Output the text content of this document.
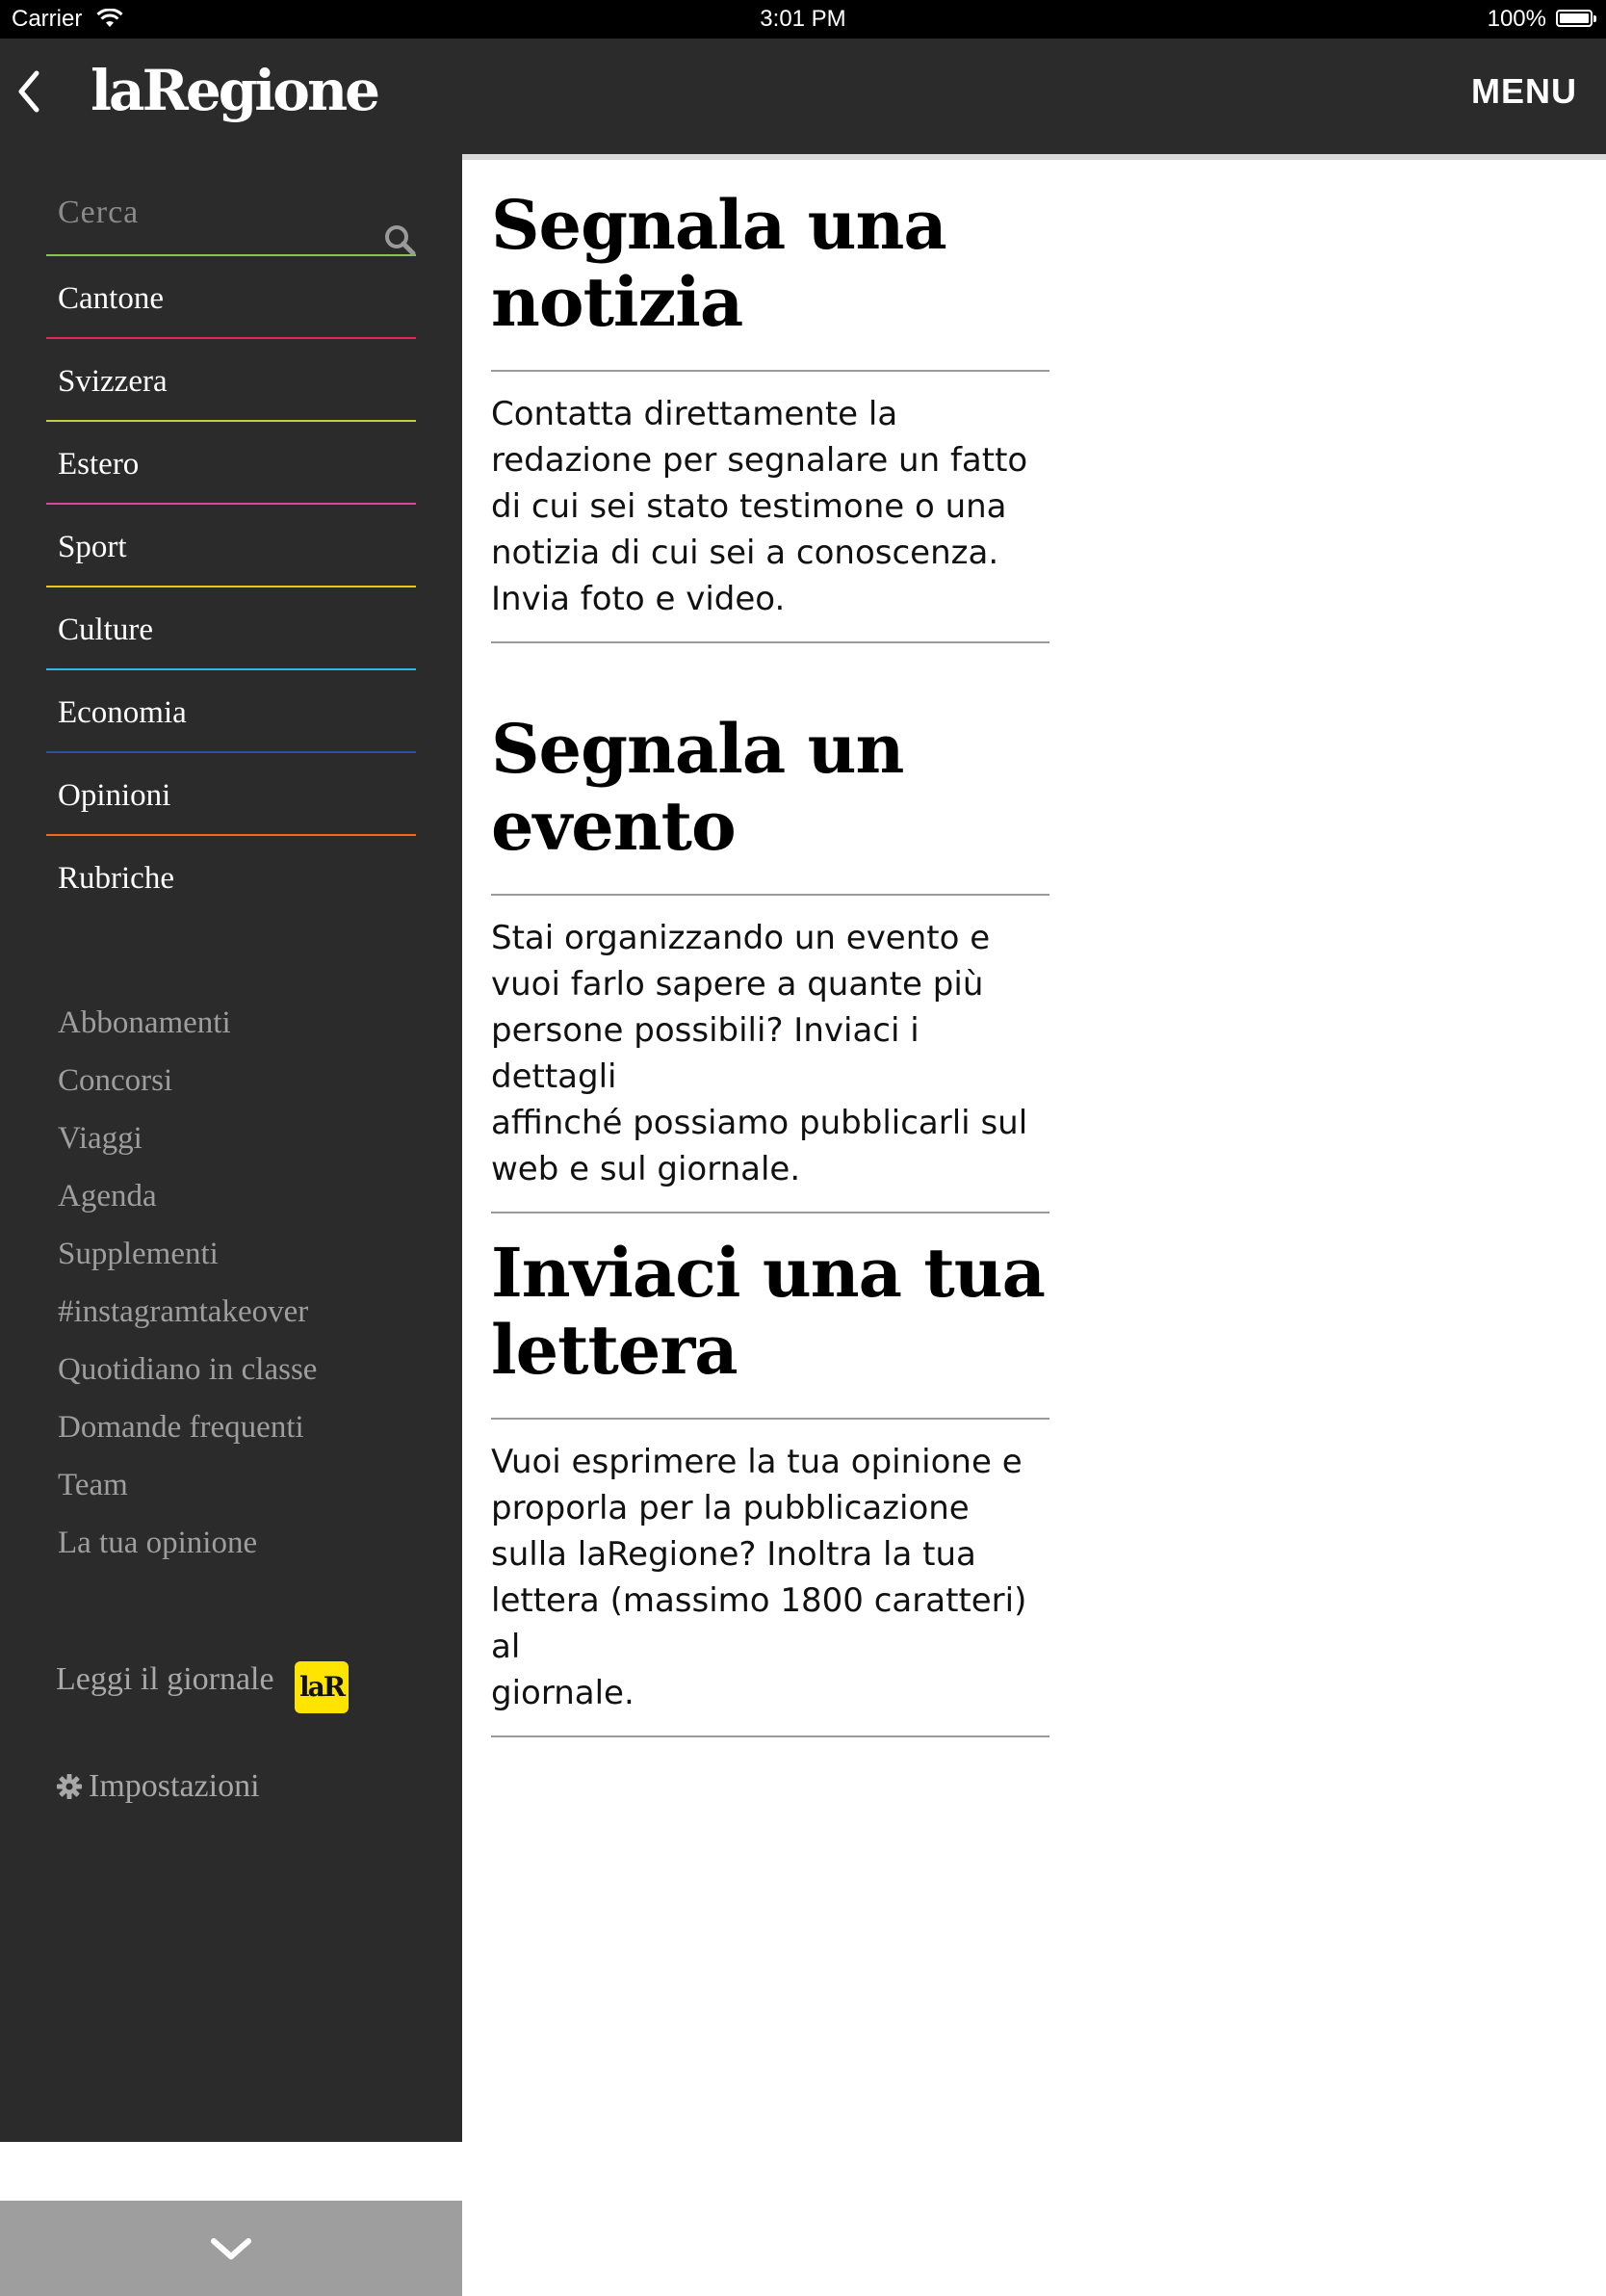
Carrier	3:01 PM	100%
laRegione	MENU
Cerca
Cantone
Svizzera
Estero
Sport
Culture
Economia
Opinioni
Rubriche
Abbonamenti
Concorsi
Viaggi
Agenda
Supplementi
#instagramtakeover
Quotidiano in classe
Domande frequenti
Team
La tua opinione
Leggi il giornale laR
Impostazioni
Segnala una
notizia

Contatta direttamente la
redazione per segnalare un fatto
di cui sei stato testimone o una
notizia di cui sei a conoscenza.
Invia foto e video.

Segnala un
evento

Stai organizzando un evento e
vuoi farlo sapere a quante più
persone possibili? Inviaci i dettagli
affinché possiamo pubblicarli sul
web e sul giornale.

Inviaci una tua
lettera

Vuoi esprimere la tua opinione e
proporla per la pubblicazione
sulla laRegione? Inoltra la tua
lettera (massimo 1800 caratteri) al
giornale.
